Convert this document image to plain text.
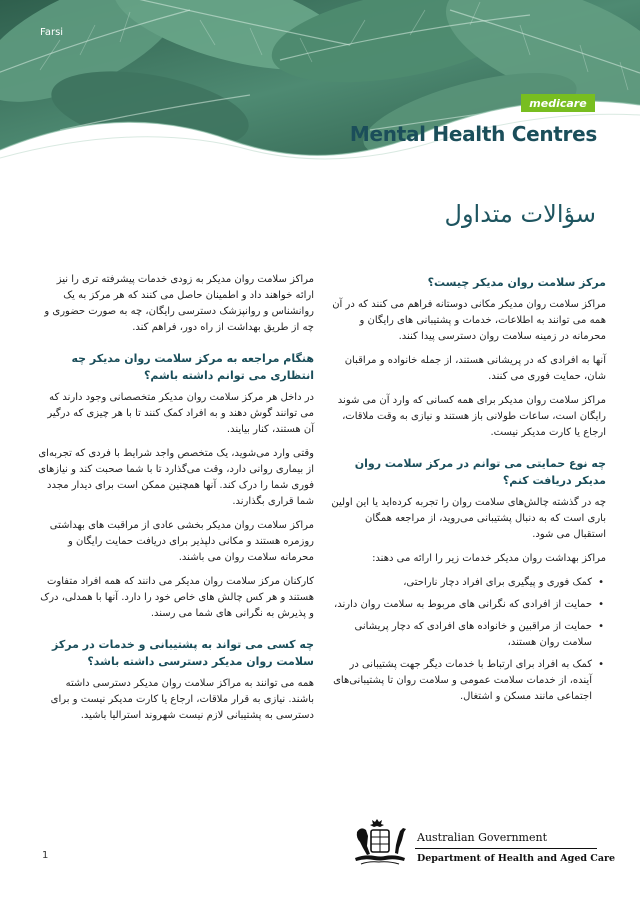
Farsi
medicare
Mental Health Centres
سؤالات متداول
مرکز سلامت روان مدیکر چیست؟

مراکز سلامت روان مدیکر مکانی دوستانه فراهم می کنند که در آن همه می توانند به اطلاعات، خدمات و پشتیبانی های رایگان و محرمانه در زمینه سلامت روان دسترسی پیدا کنند.

آنها به افرادی که در پریشانی هستند، از جمله خانواده و مراقبان شان، حمایت فوری می کنند.

مراکز سلامت روان مدیکر برای همه کسانی که وارد آن می شوند رایگان است، ساعات طولانی باز هستند و نیازی به وقت ملاقات، ارجاع یا کارت مدیکر نیست.

چه نوع حمایتی می توانم در مرکز سلامت روان مدیکر دریافت کنم؟

چه در گذشته چالش‌های سلامت روان را تجربه کرده‌اید یا این اولین باری است که به دنبال پشتیبانی می‌روید، از مراجعه همگان استقبال می شود.

مراکز بهداشت روان مدیکر خدمات زیر را ارائه می دهند:

•
کمک فوری و پیگیری برای افراد دچار ناراحتی،
•
حمایت از افرادی که نگرانی های مربوط به سلامت روان دارند،
•
حمایت از مراقبین و خانواده های افرادی که دچار پریشانی سلامت روان هستند،
•
کمک به افراد برای ارتباط با خدمات دیگر جهت پشتیبانی در آینده، از خدمات سلامت عمومی و سلامت روان تا پشتیبانی‌های اجتماعی مانند مسکن و اشتغال.

مراکز سلامت روان مدیکر به زودی خدمات پیشرفته تری را نیز ارائه خواهند داد و اطمینان حاصل می کنند که هر مرکز به یک روانشناس و روانپزشک دسترسی رایگان، چه به صورت حضوری و چه از طریق بهداشت از راه دور، فراهم کند.

هنگام مراجعه به مرکز سلامت روان مدیکر چه انتظاری می توانم داشته باشم؟

در داخل هر مرکز سلامت روان مدیکر متخصصانی وجود دارند که می توانند گوش دهند و به افراد کمک کنند تا با هر چیزی که درگیر آن هستند، کنار بیایند.

وقتی وارد می‌شوید، یک متخصص واجد شرایط با فردی که تجربه‌ای از بیماری روانی دارد، وقت می‌گذارد تا با شما صحبت کند و نیازهای فوری شما را درک کند. آنها همچنین ممکن است برای دیدار مجدد شما قراری بگذارند.

مراکز سلامت روان مدیکر بخشی عادی از مراقبت های بهداشتی روزمره هستند و مکانی دلپذیر برای دریافت حمایت رایگان و محرمانه سلامت روان می باشند.

کارکنان مرکز سلامت روان مدیکر می دانند که همه افراد متفاوت هستند و هر کس چالش های خاص خود را دارد. آنها با همدلی، درک و پذیرش به نگرانی های شما می رسند.

چه کسی می تواند به پشتیبانی و خدمات در مرکز سلامت روان مدیکر دسترسی داشته باشد؟

همه می توانند به مراکز سلامت روان مدیکر دسترسی داشته باشند. نیازی به قرار ملاقات، ارجاع یا کارت مدیکر نیست و برای دسترسی به پشتیبانی لازم نیست شهروند استرالیا باشید.

1
Australian Government
Department of Health and Aged Care
